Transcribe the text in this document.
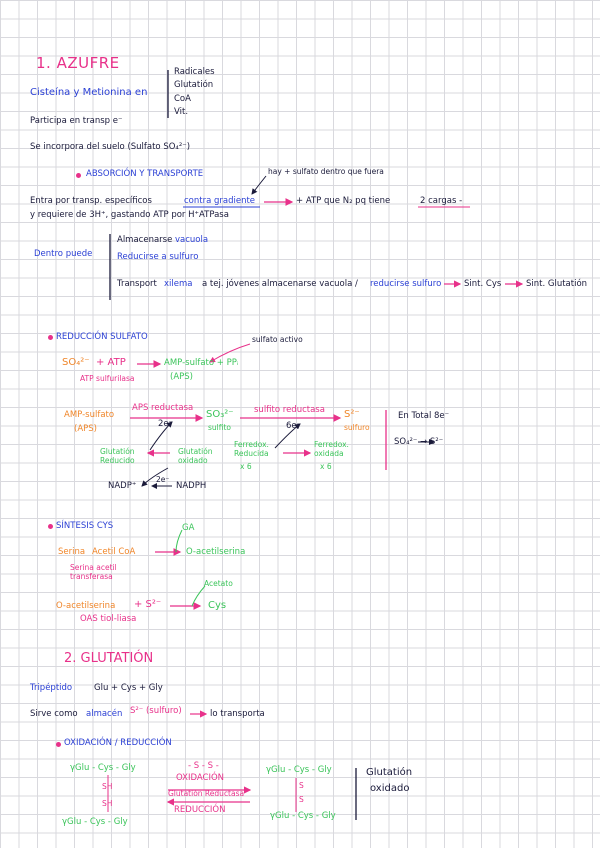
1. AZUFRE
Cisteína y Metionina en
Radicales
Glutatión
CoA
Vit.
Participa en transp e⁻
Se incorpora del suelo (Sulfato SO₄²⁻)
ABSORCIÓN Y TRANSPORTE	hay + sulfato dentro que fuera
Entra por transp. específicos	contra gradiente	+ ATP que N₂ pq tiene	2 cargas -
y requiere de 3H⁺, gastando ATP por H⁺ATPasa
Dentro puede
Almacenarse vacuola
Reducirse a sulfuro
Transport xilema a tej. jóvenes almacenarse vacuola / reducirse sulfuro	Sint. Cys	Sint. Glutatión
REDUCCIÓN SULFATO	sulfato activo
SO₄²⁻ + ATP
ATP sulfurilasa
AMP-sulfato + PPᵢ
(APS)
AMP-sulfato
(APS)
APS reductasa
2e⁻
SO₃²⁻
sulfito
sulfito reductasa
6e⁻
S²⁻
sulfuro
Glutatión Reducido
Glutatión oxidado
Ferredox. Reducida
x 6
Ferredox. oxidada
x 6
NADP⁺
2e⁻
NADPH
En Total 8e⁻
SO₄²⁻ → S²⁻
SÍNTESIS CYS	GA
Serina Acetil CoA	O-acetilserina
Serina acetil transferasa
Acetato
O-acetilserina + S²⁻	Cys
OAS tiol-liasa
2. GLUTATIÓN
Tripéptido	Glu + Cys + Gly
Sirve como almacén S²⁻ (sulfuro)	lo transporta
OXIDACIÓN / REDUCCIÓN
γGlu - Cys - Gly
SH
SH
γGlu - Cys - Gly
- S - S -
OXIDACIÓN
Glutatión Reductasa
REDUCCIÓN
γGlu - Cys - Gly
S
S
γGlu - Cys - Gly
Glutatión
oxidado
